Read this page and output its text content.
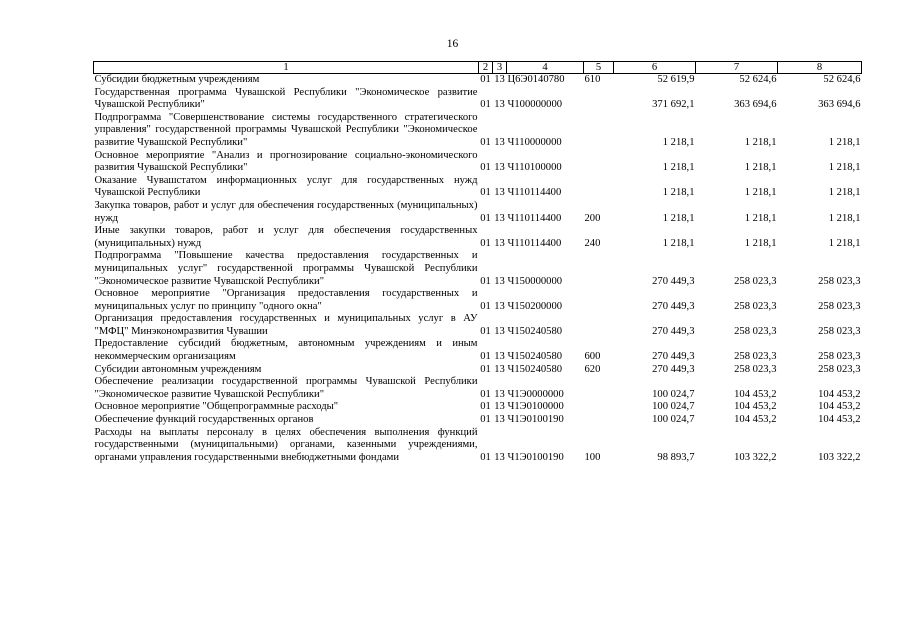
16
1	2	3	4	5	6	7	8
Субсидии бюджетным учреждениям	01	13	Ц6Э0140780	610	52 619,9	52 624,6	52 624,6
Государственная программа Чувашской Республики "Экономическое развитие Чувашской Республики"	01	13	Ч100000000		371 692,1	363 694,6	363 694,6
Подпрограмма "Совершенствование системы государственного стратегического управления" государственной программы Чувашской Республики "Экономическое развитие Чувашской Республики"	01	13	Ч110000000		1 218,1	1 218,1	1 218,1
Основное мероприятие "Анализ и прогнозирование социально-экономического развития Чувашской Республики"	01	13	Ч110100000		1 218,1	1 218,1	1 218,1
Оказание Чувашстатом информационных услуг для государственных нужд Чувашской Республики	01	13	Ч110114400		1 218,1	1 218,1	1 218,1
Закупка товаров, работ и услуг для обеспечения государственных (муниципальных) нужд	01	13	Ч110114400	200	1 218,1	1 218,1	1 218,1
Иные закупки товаров, работ и услуг для обеспечения государственных (муниципальных) нужд	01	13	Ч110114400	240	1 218,1	1 218,1	1 218,1
Подпрограмма "Повышение качества предоставления государственных и муниципальных услуг" государственной программы Чувашской Республики "Экономическое развитие Чувашской Республики"	01	13	Ч150000000		270 449,3	258 023,3	258 023,3
Основное мероприятие "Организация предоставления государственных и муниципальных услуг по принципу "одного окна"	01	13	Ч150200000		270 449,3	258 023,3	258 023,3
Организация предоставления государственных и муниципальных услуг в АУ "МФЦ" Минэкономразвития Чувашии	01	13	Ч150240580		270 449,3	258 023,3	258 023,3
Предоставление субсидий бюджетным, автономным учреждениям и иным некоммерческим организациям	01	13	Ч150240580	600	270 449,3	258 023,3	258 023,3
Субсидии автономным учреждениям	01	13	Ч150240580	620	270 449,3	258 023,3	258 023,3
Обеспечение реализации государственной программы Чувашской Республики "Экономическое развитие Чувашской Республики"	01	13	Ч1Э0000000		100 024,7	104 453,2	104 453,2
Основное мероприятие "Общепрограммные расходы"	01	13	Ч1Э0100000		100 024,7	104 453,2	104 453,2
Обеспечение функций государственных органов	01	13	Ч1Э0100190		100 024,7	104 453,2	104 453,2
Расходы на выплаты персоналу в целях обеспечения выполнения функций государственными (муниципальными) органами, казенными учреждениями, органами управления государственными внебюджетными фондами	01	13	Ч1Э0100190	100	98 893,7	103 322,2	103 322,2
